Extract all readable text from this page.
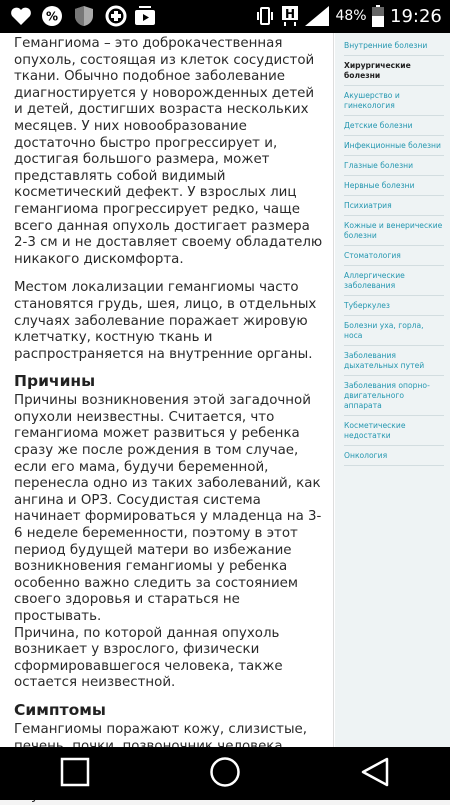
%	H	48% 19:26

Гемангиома – это доброкачественная опухоль, состоящая из клеток сосудистой ткани. Обычно подобное заболевание диагностируется у новорожденных детей и детей, достигших возраста нескольких месяцев. У них новообразование достаточно быстро прогрессирует и, достигая большого размера, может представлять собой видимый косметический дефект. У взрослых лиц гемангиома прогрессирует редко, чаще всего данная опухоль достигает размера 2-3 см и не доставляет своему обладателю никакого дискомфорта.

Местом локализации гемангиомы часто становятся грудь, шея, лицо, в отдельных случаях заболевание поражает жировую клетчатку, костную ткань и распространяется на внутренние органы.

Причины

Причины возникновения этой загадочной опухоли неизвестны. Считается, что гемангиома может развиться у ребенка сразу же после рождения в том случае, если его мама, будучи беременной, перенесла одно из таких заболеваний, как ангина и ОРЗ. Сосудистая система начинает формироваться у младенца на 3-6 неделе беременности, поэтому в этот период будущей матери во избежание возникновения гемангиомы у ребенка особенно важно следить за состоянием своего здоровья и стараться не простывать.

Причина, по которой данная опухоль возникает у взрослого, физически сформировавшегося человека, также остается неизвестной.

Симптомы

Гемангиомы поражают кожу, слизистые,

Внутренние болезни
Хирургические болезни
Акушерство и гинекология
Детские болезни
Инфекционные болезни
Глазные болезни
Нервные болезни
Психиатрия
Кожные и венерические болезни
Стоматология
Аллергические заболевания
Туберкулез
Болезни уха, горла, носа
Заболевания дыхательных путей
Заболевания опорно-двигательного аппарата
Косметические недостатки
Онкология
